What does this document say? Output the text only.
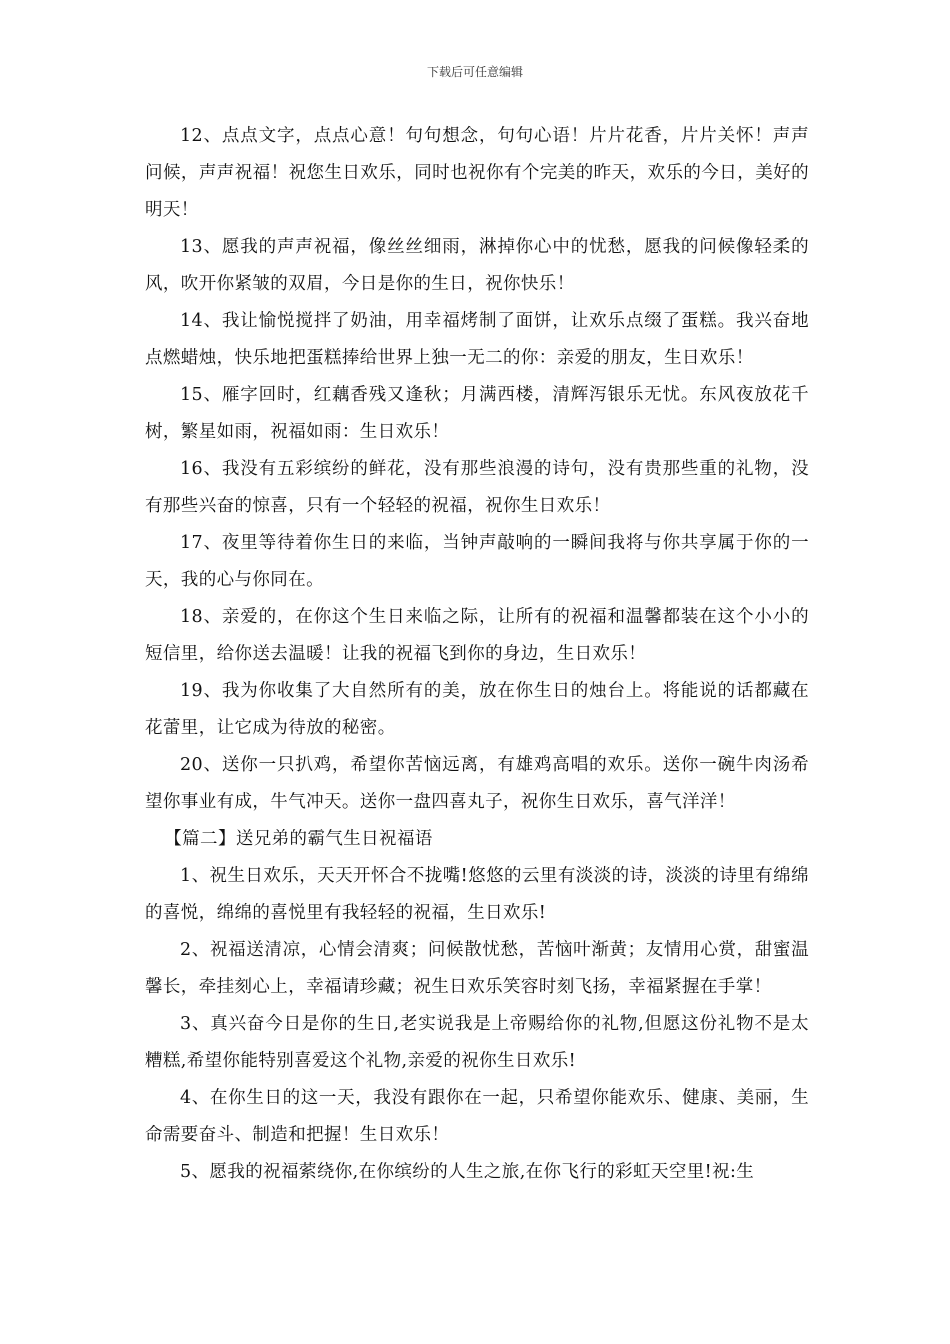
下载后可任意编辑

12、点点文字，点点心意！句句想念，句句心语！片片花香，片片关怀！声声问候，声声祝福！祝您生日欢乐，同时也祝你有个完美的昨天，欢乐的今日，美好的明天！

13、愿我的声声祝福，像丝丝细雨，淋掉你心中的忧愁，愿我的问候像轻柔的风，吹开你紧皱的双眉，今日是你的生日，祝你快乐！

14、我让愉悦搅拌了奶油，用幸福烤制了面饼，让欢乐点缀了蛋糕。我兴奋地点燃蜡烛，快乐地把蛋糕捧给世界上独一无二的你：亲爱的朋友，生日欢乐！

15、雁字回时，红藕香残又逢秋；月满西楼，清辉泻银乐无忧。东风夜放花千树，繁星如雨，祝福如雨：生日欢乐！

16、我没有五彩缤纷的鲜花，没有那些浪漫的诗句，没有贵那些重的礼物，没有那些兴奋的惊喜，只有一个轻轻的祝福，祝你生日欢乐！

17、夜里等待着你生日的来临，当钟声敲响的一瞬间我将与你共享属于你的一天，我的心与你同在。

18、亲爱的，在你这个生日来临之际，让所有的祝福和温馨都装在这个小小的短信里，给你送去温暖！让我的祝福飞到你的身边，生日欢乐！

19、我为你收集了大自然所有的美，放在你生日的烛台上。将能说的话都藏在花蕾里，让它成为待放的秘密。

20、送你一只扒鸡，希望你苦恼远离，有雄鸡高唱的欢乐。送你一碗牛肉汤希望你事业有成，牛气冲天。送你一盘四喜丸子，祝你生日欢乐，喜气洋洋！

【篇二】送兄弟的霸气生日祝福语

1、祝生日欢乐，天天开怀合不拢嘴!悠悠的云里有淡淡的诗，淡淡的诗里有绵绵的喜悦，绵绵的喜悦里有我轻轻的祝福，生日欢乐!

2、祝福送清凉，心情会清爽；问候散忧愁，苦恼叶渐黄；友情用心赏，甜蜜温馨长，牵挂刻心上，幸福请珍藏；祝生日欢乐笑容时刻飞扬，幸福紧握在手掌！

3、真兴奋今日是你的生日,老实说我是上帝赐给你的礼物,但愿这份礼物不是太糟糕,希望你能特别喜爱这个礼物,亲爱的祝你生日欢乐!

4、在你生日的这一天，我没有跟你在一起，只希望你能欢乐、健康、美丽，生命需要奋斗、制造和把握！生日欢乐！

5、愿我的祝福萦绕你,在你缤纷的人生之旅,在你飞行的彩虹天空里!祝:生
